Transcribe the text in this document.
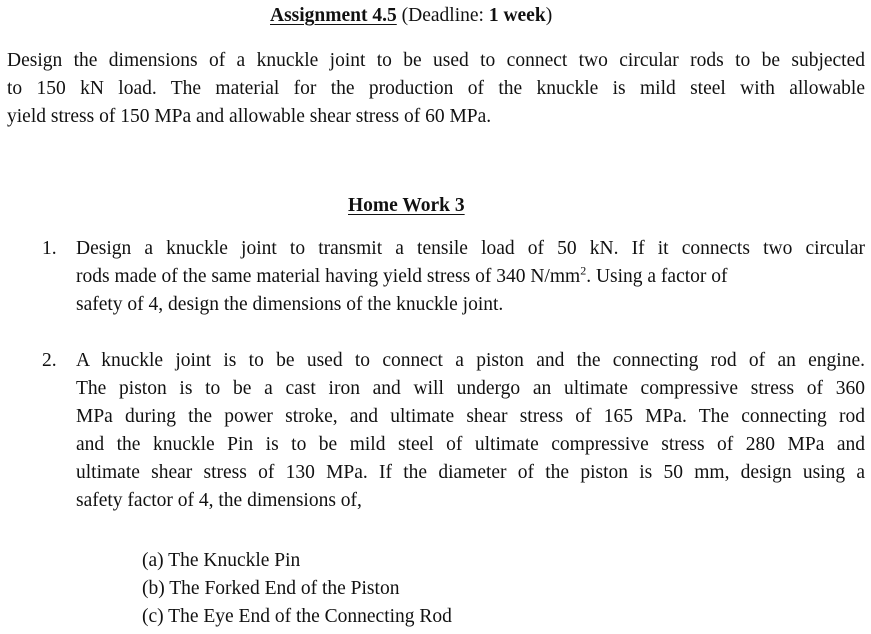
Assignment 4.5 (Deadline: 1 week)
Design the dimensions of a knuckle joint to be used to connect two circular rods to be subjected
to 150 kN load. The material for the production of the knuckle is mild steel with allowable
yield stress of 150 MPa and allowable shear stress of 60 MPa.
Home Work 3
1. Design a knuckle joint to transmit a tensile load of 50 kN. If it connects two circular
rods made of the same material having yield stress of 340 $N/mm^2$. Using a factor of
safety of 4, design the dimensions of the knuckle joint.
2. A knuckle joint is to be used to connect a piston and the connecting rod of an engine.
The piston is to be a cast iron and will undergo an ultimate compressive stress of 360
MPa during the power stroke, and ultimate shear stress of 165 MPa. The connecting rod
and the knuckle Pin is to be mild steel of ultimate compressive stress of 280 MPa and
ultimate shear stress of 130 MPa. If the diameter of the piston is 50 mm, design using a
safety factor of 4, the dimensions of,
(a) The Knuckle Pin
(b) The Forked End of the Piston
(c) The Eye End of the Connecting Rod
